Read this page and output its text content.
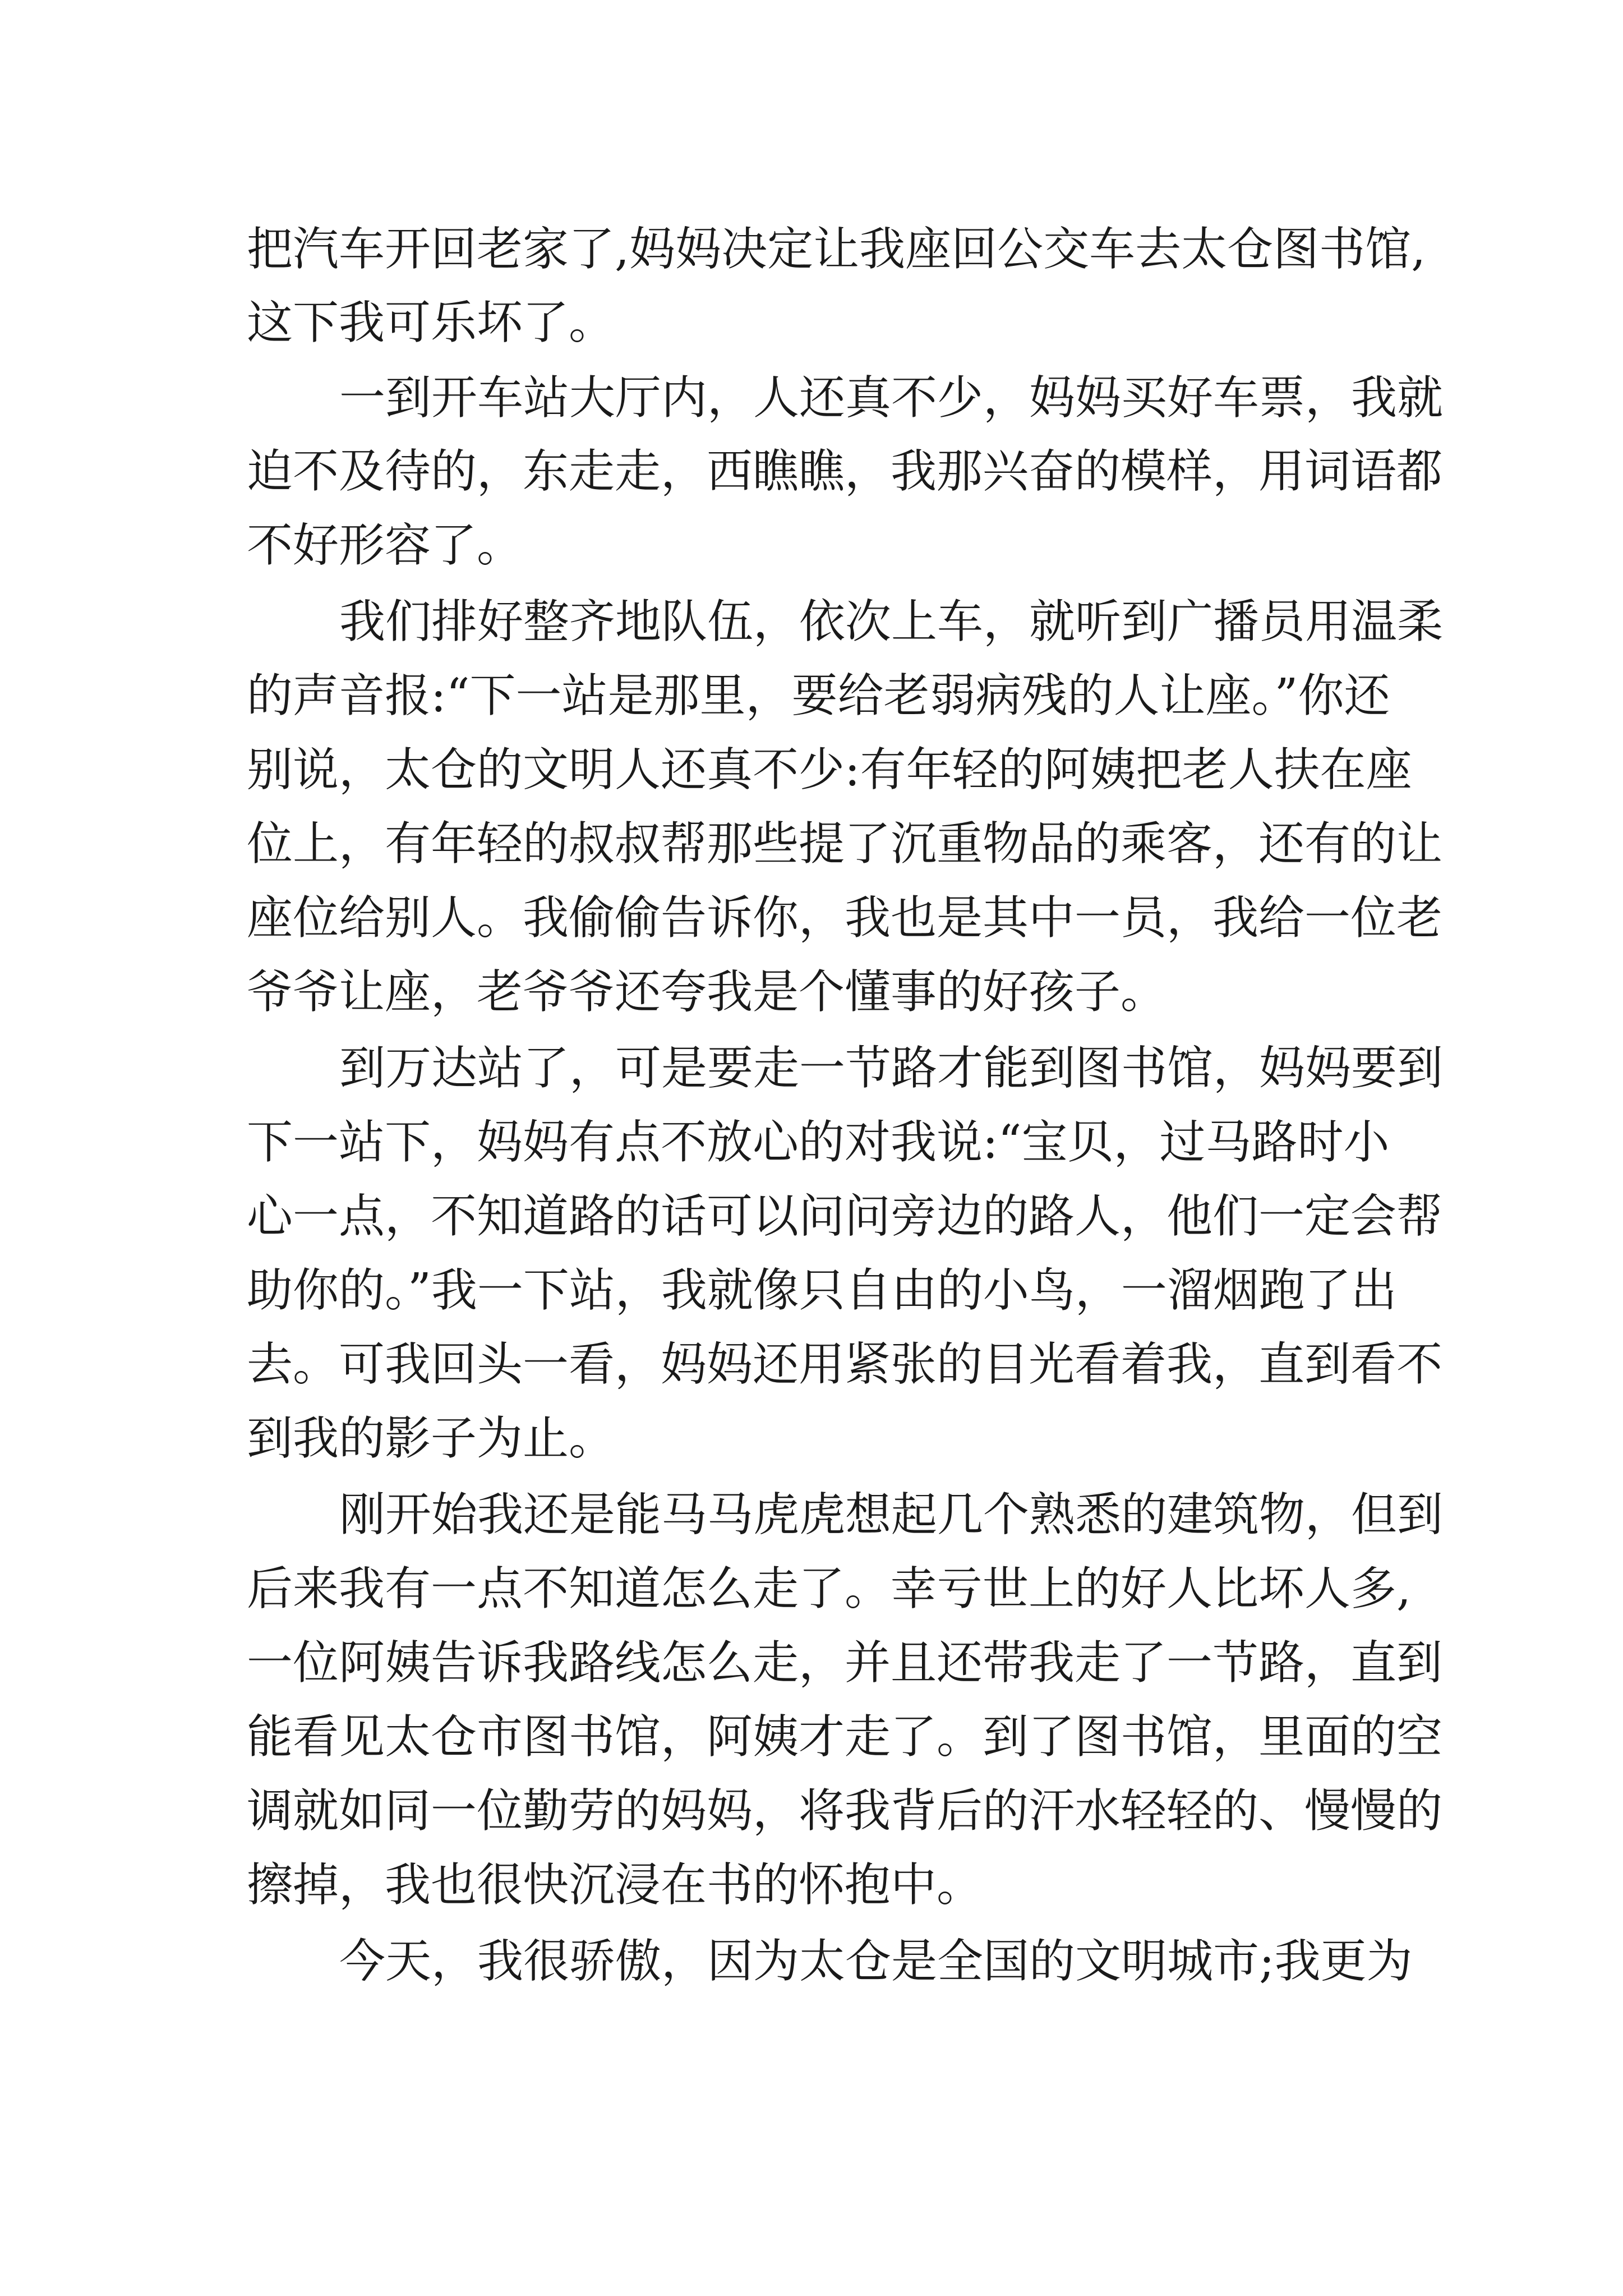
把汽车开回老家了,妈妈决定让我座回公交车去太仓图书馆,
这下我可乐坏了。
一到开车站大厅内，人还真不少，妈妈买好车票，我就
迫不及待的，东走走，西瞧瞧，我那兴奋的模样，用词语都
不好形容了。
我们排好整齐地队伍，依次上车，就听到广播员用温柔
的声音报:“下一站是那里，要给老弱病残的人让座。”你还
别说，太仓的文明人还真不少:有年轻的阿姨把老人扶在座
位上，有年轻的叔叔帮那些提了沉重物品的乘客，还有的让
座位给别人。我偷偷告诉你，我也是其中一员，我给一位老
爷爷让座，老爷爷还夸我是个懂事的好孩子。
到万达站了，可是要走一节路才能到图书馆，妈妈要到
下一站下，妈妈有点不放心的对我说:“宝贝，过马路时小
心一点，不知道路的话可以问问旁边的路人，他们一定会帮
助你的。”我一下站，我就像只自由的小鸟，一溜烟跑了出
去。可我回头一看，妈妈还用紧张的目光看着我，直到看不
到我的影子为止。
刚开始我还是能马马虎虎想起几个熟悉的建筑物，但到
后来我有一点不知道怎么走了。幸亏世上的好人比坏人多,
一位阿姨告诉我路线怎么走，并且还带我走了一节路，直到
能看见太仓市图书馆，阿姨才走了。到了图书馆，里面的空
调就如同一位勤劳的妈妈，将我背后的汗水轻轻的、慢慢的
擦掉，我也很快沉浸在书的怀抱中。
今天，我很骄傲，因为太仓是全国的文明城市;我更为
